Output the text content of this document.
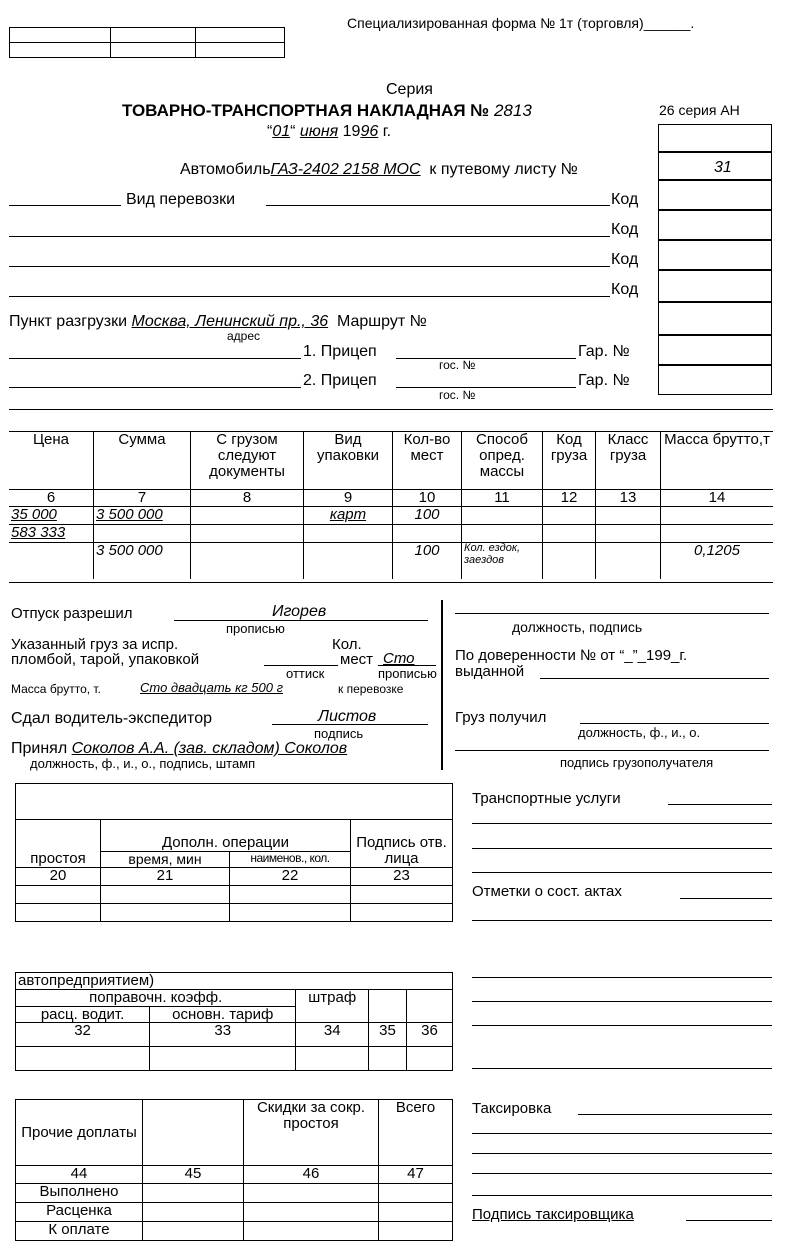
Специализированная форма № 1т (торговля)______.
Серия
ТОВАРНО-ТРАНСПОРТНАЯ НАКЛАДНАЯ № 2813	26 серия АН
“01“ июня 1996 г.
31
АвтомобильГАЗ-2402 2158 МОС к путевому листу №
Вид перевозки	Код
Код
Код
Код
Пункт разгрузки Москва, Ленинский пр., 36 Маршрут №
адрес
1. Прицеп	Гар. №
гос. №
2. Прицеп	Гар. №
гос. №
Цена	Сумма	С грузом следуют документы	Вид упаковки	Кол-во мест	Способ опред. массы	Код груза	Класс груза	Масса брутто,т
6	7	8	9	10	11	12	13	14
35 000	3 500 000		карт	100				
583 333								
	3 500 000			100	Кол. ездок, заездов			0,1205
Отпуск разрешил	Игорев
прописью
Указанный груз за испр.
пломбой, тарой, упаковкой
Кол.
мест Сто
оттиск	прописью
Масса брутто, т.	Сто двадцать кг 500 г	к перевозке
Сдал водитель-экспедитор	Листов
подпись
Принял Соколов А.А. (зав. складом) Соколов
должность, ф., и., о., подпись, штамп
должность, подпись
По доверенности № от “_”_199_г.
выданной
Груз получил
должность, ф., и., о.
подпись грузополучателя

простоя	Дополн. операции		Подпись отв. лица
	время, мин	наименов., кол.	
20	21	22	23

Транспортные услуги
Отметки о сост. актах
автопредприятием)				
поправочн. коэфф.		штраф		
расц. водит.	основн. тариф			
32	33	34	35	36

Прочие доплаты		Скидки за сокр. простоя	Всего
44	45	46	47
Выполнено			
Расценка			
К оплате			
Таксировка
Подпись таксировщика
